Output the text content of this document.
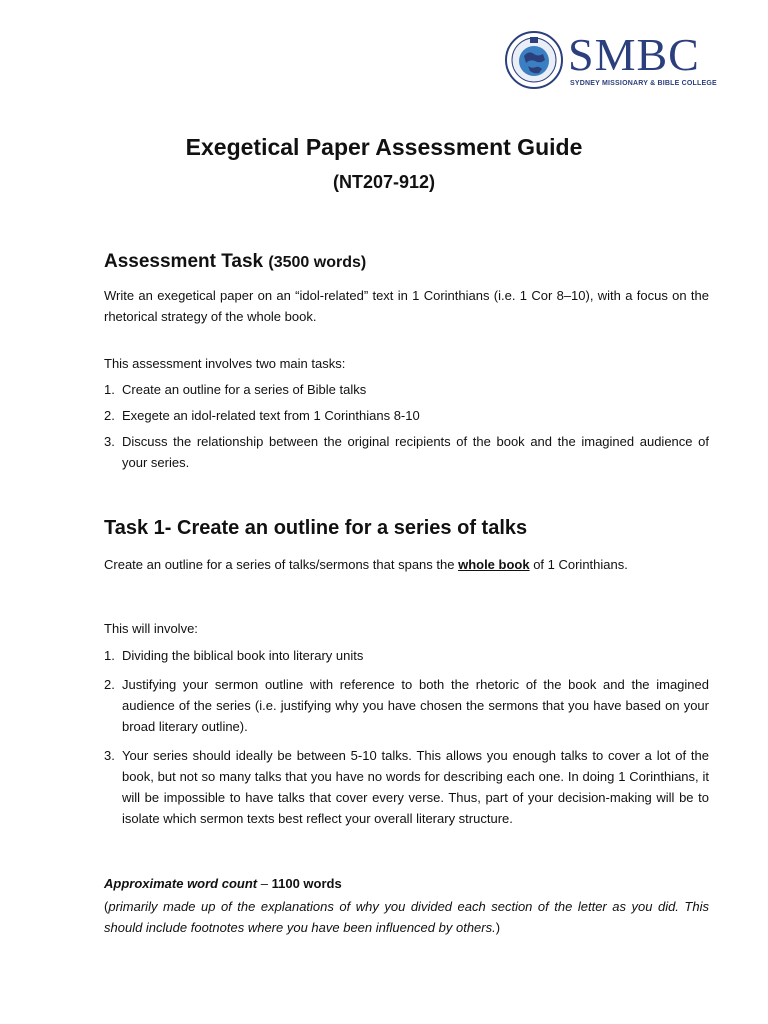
SMBC
SYDNEY MISSIONARY & BIBLE COLLEGE
Exegetical Paper Assessment Guide
(NT207-912)
Assessment Task (3500 words)
Write an exegetical paper on an “idol-related” text in 1 Corinthians (i.e. 1 Cor 8–10), with a focus on the rhetorical strategy of the whole book.
This assessment involves two main tasks:
1. Create an outline for a series of Bible talks
2. Exegete an idol-related text from 1 Corinthians 8-10
3. Discuss the relationship between the original recipients of the book and the imagined audience of your series.
Task 1- Create an outline for a series of talks
Create an outline for a series of talks/sermons that spans the whole book of 1 Corinthians.
This will involve:
1. Dividing the biblical book into literary units
2. Justifying your sermon outline with reference to both the rhetoric of the book and the imagined audience of the series (i.e. justifying why you have chosen the sermons that you have based on your broad literary outline).
3. Your series should ideally be between 5-10 talks. This allows you enough talks to cover a lot of the book, but not so many talks that you have no words for describing each one. In doing 1 Corinthians, it will be impossible to have talks that cover every verse. Thus, part of your decision-making will be to isolate which sermon texts best reflect your overall literary structure.
Approximate word count – 1100 words
(primarily made up of the explanations of why you divided each section of the letter as you did. This should include footnotes where you have been influenced by others.)
